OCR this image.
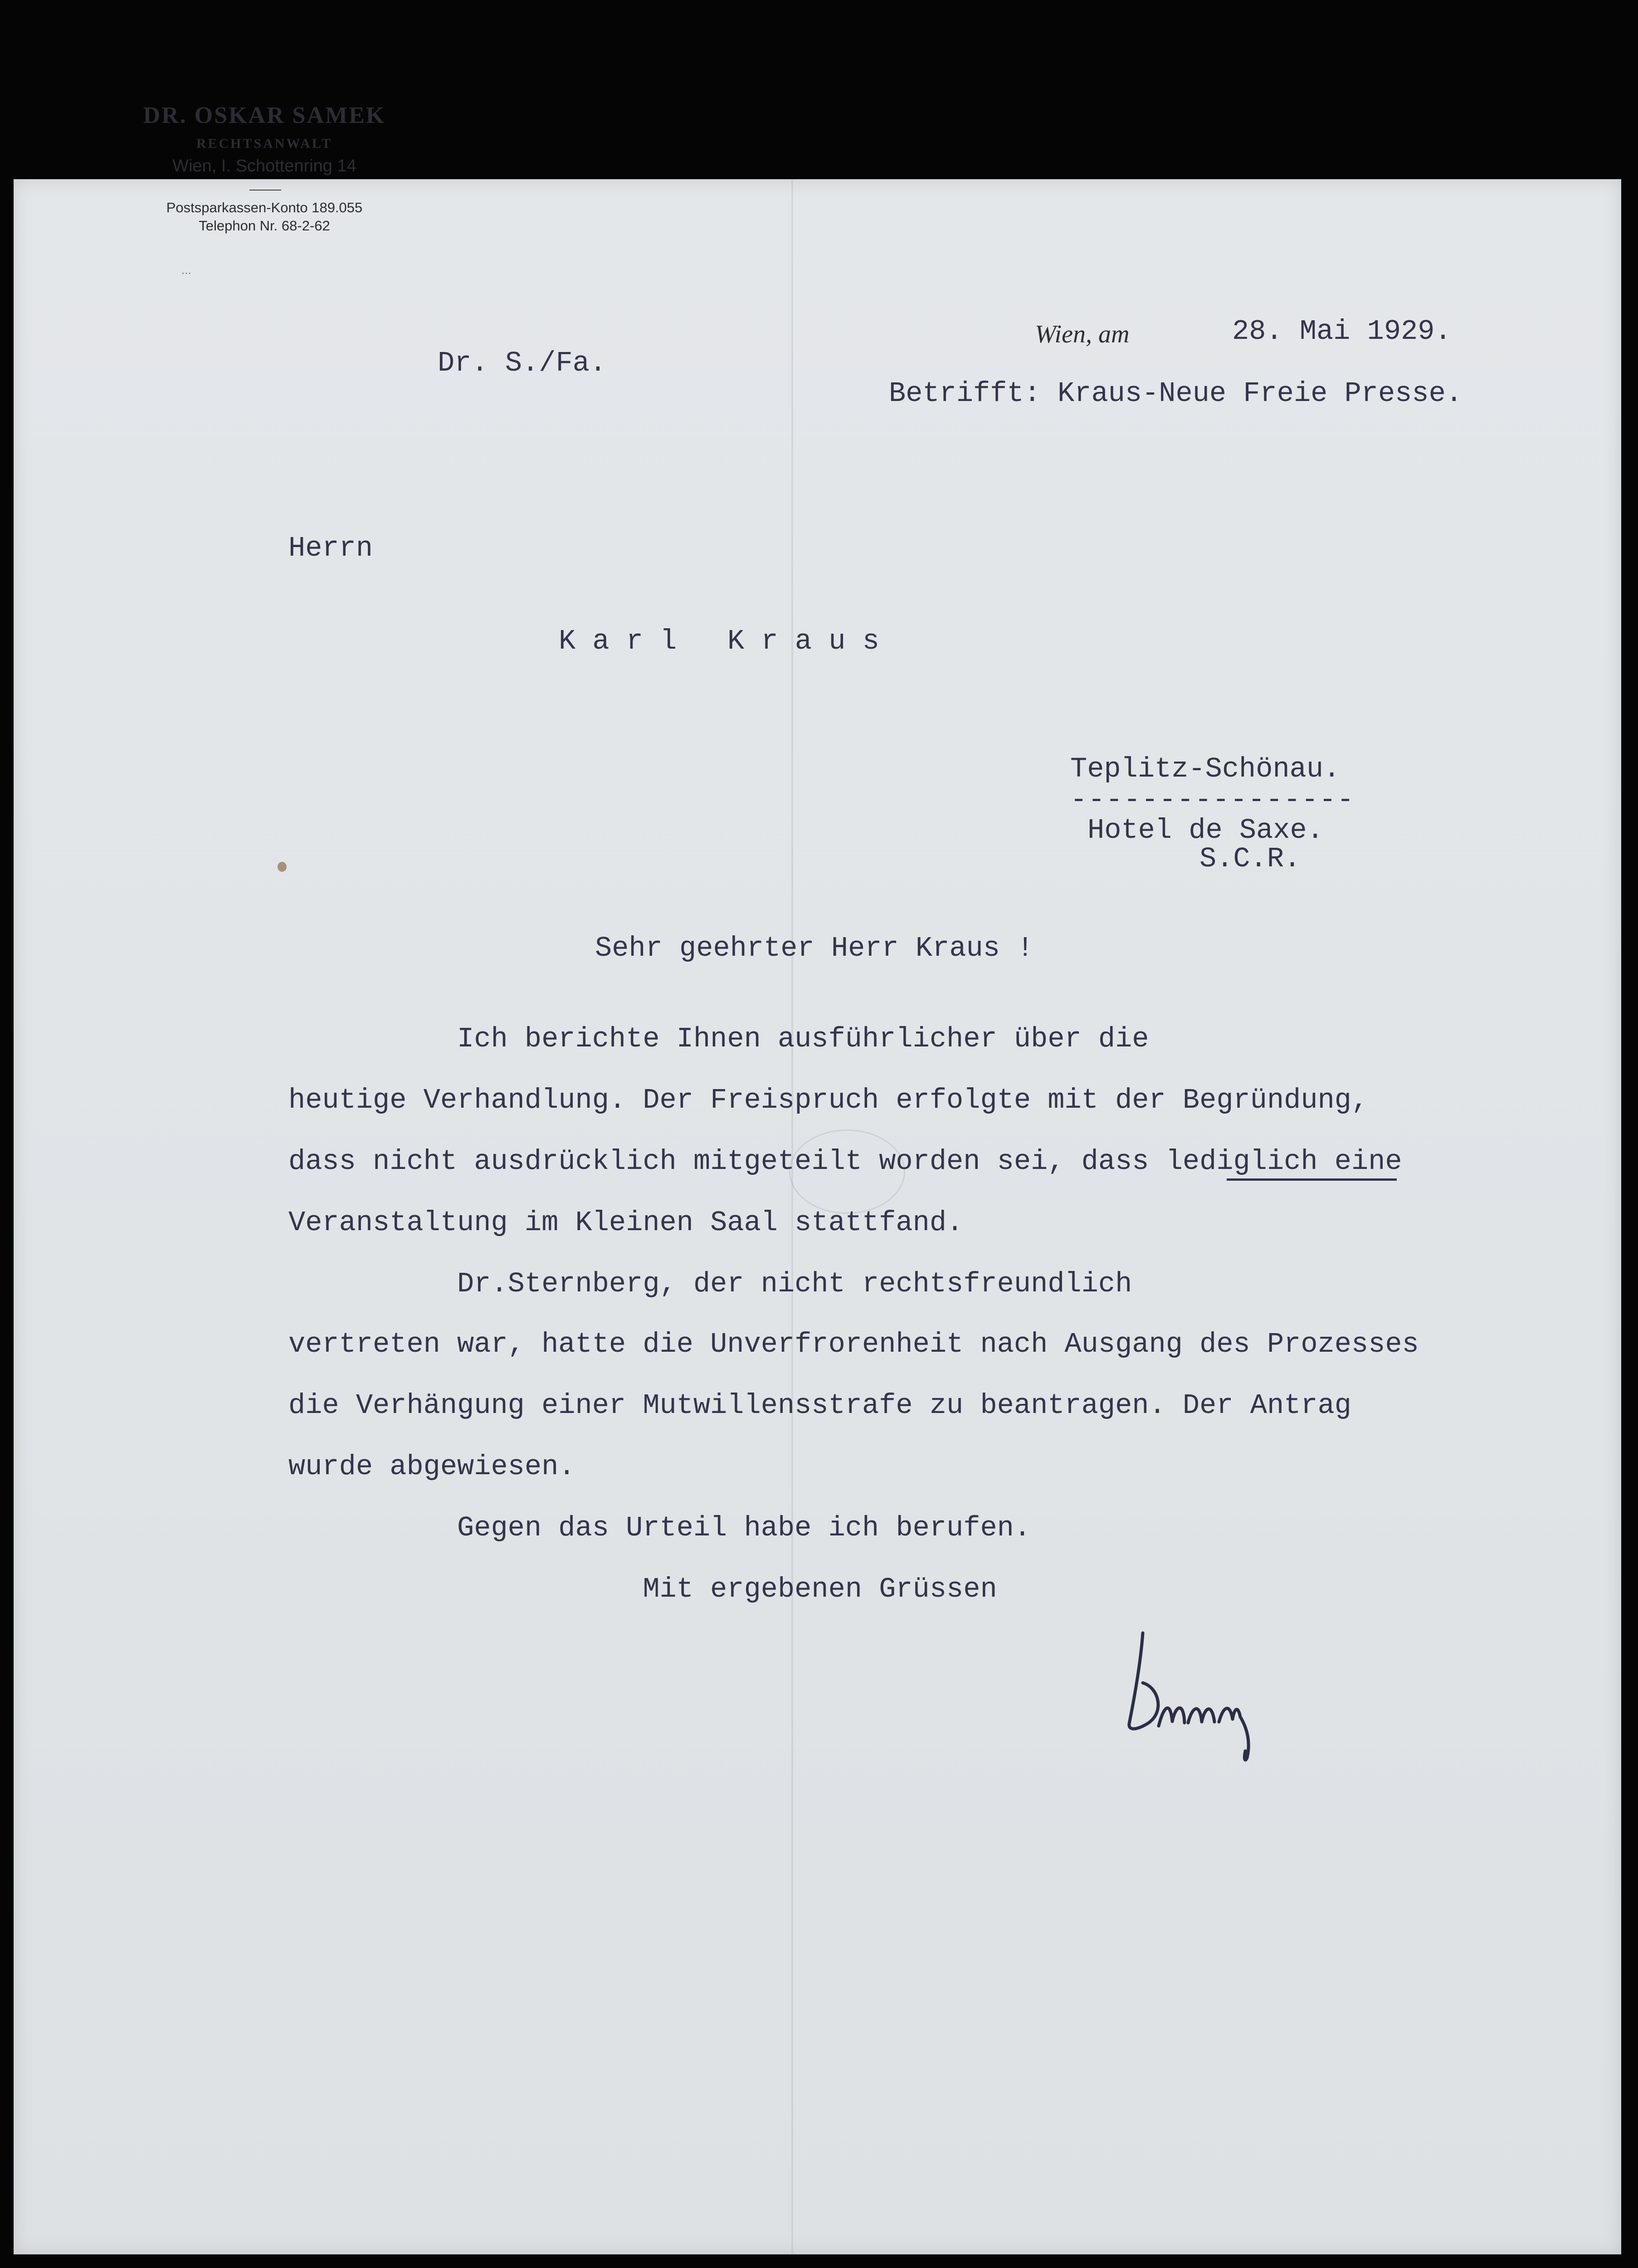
DR. OSKAR SAMEK
RECHTSANWALT
Wien, I. Schottenring 14
Postsparkassen-Konto 189.055
Telephon Nr. 68-2-62
...
Dr. S./Fa.
Wien, am	28. Mai 1929.
Betrifft: Kraus-Neue Freie Presse.
Herrn
K a r l   K r a u s
Teplitz-Schönau.
----------------
Hotel de Saxe.
S.C.R.
Sehr geehrter Herr Kraus !
Ich berichte Ihnen ausführlicher über die
heutige Verhandlung. Der Freispruch erfolgte mit der Begründung,
dass nicht ausdrücklich mitgeteilt worden sei, dass lediglich eine
Veranstaltung im Kleinen Saal stattfand.
Dr.Sternberg, der nicht rechtsfreundlich
vertreten war, hatte die Unverfrorenheit nach Ausgang des Prozesses
die Verhängung einer Mutwillensstrafe zu beantragen. Der Antrag
wurde abgewiesen.
Gegen das Urteil habe ich berufen.
Mit ergebenen Grüssen
